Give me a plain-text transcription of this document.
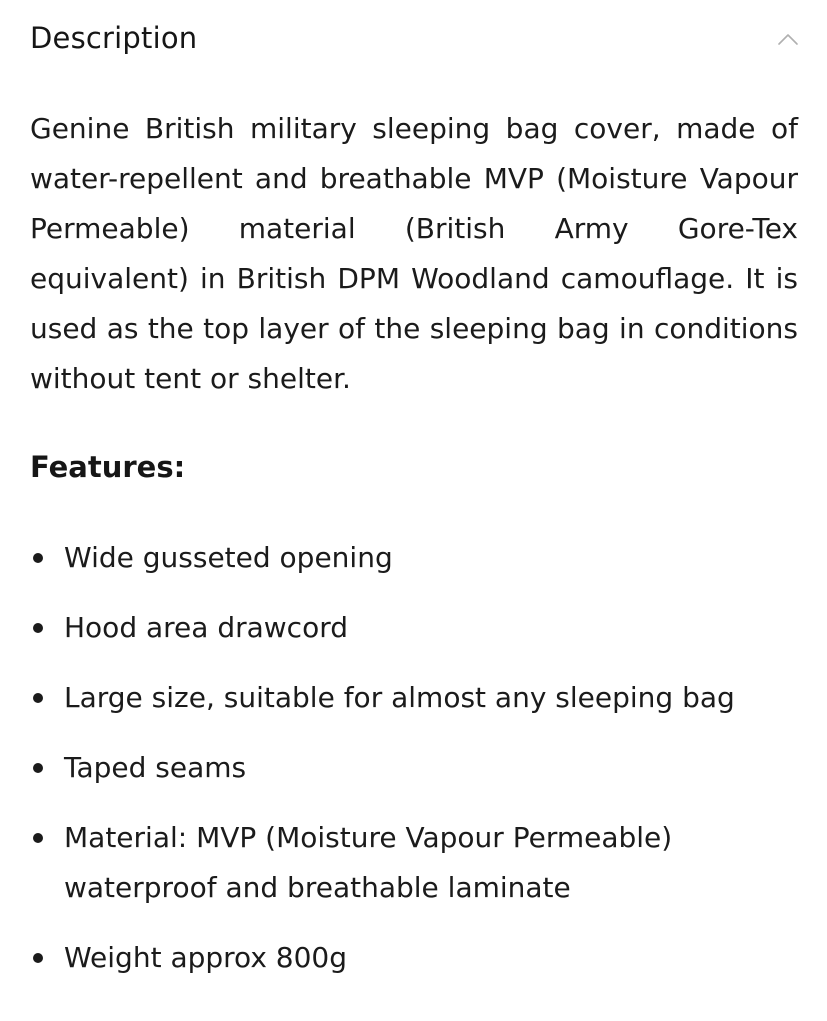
Description

Genine British military sleeping bag cover, made of water-repellent and breathable MVP (Moisture Vapour Permeable) material (British Army Gore-Tex equivalent) in British DPM Woodland camouflage. It is used as the top layer of the sleeping bag in conditions without tent or shelter.

Features:
Wide gusseted opening
Hood area drawcord
Large size, suitable for almost any sleeping bag
Taped seams
Material: MVP (Moisture Vapour Permeable) waterproof and breathable laminate
Weight approx 800g
